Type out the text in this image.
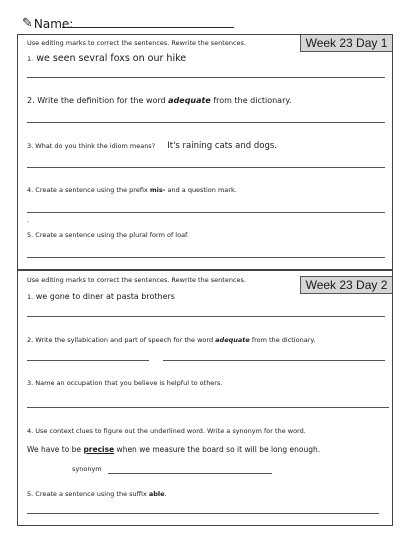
✎ Name:
Use editing marks to correct the sentences. Rewrite the sentences.	Week 23 Day 1
1. we seen sevral foxs on our hike
2. Write the definition for the word adequate from the dictionary.
3. What do you think the idiom means? It's raining cats and dogs.
4. Create a sentence using the prefix mis- and a question mark.
,
5. Create a sentence using the plural form of loaf.
Use editing marks to correct the sentences. Rewrite the sentences.	Week 23 Day 2
1. we gone to diner at pasta brothers
2. Write the syllabication and part of speech for the word adequate from the dictionary.
3. Name an occupation that you believe is helpful to others.
4. Use context clues to figure out the underlined word. Write a synonym for the word.
We have to be precise when we measure the board so it will be long enough.
synonym
5. Create a sentence using the suffix able.
